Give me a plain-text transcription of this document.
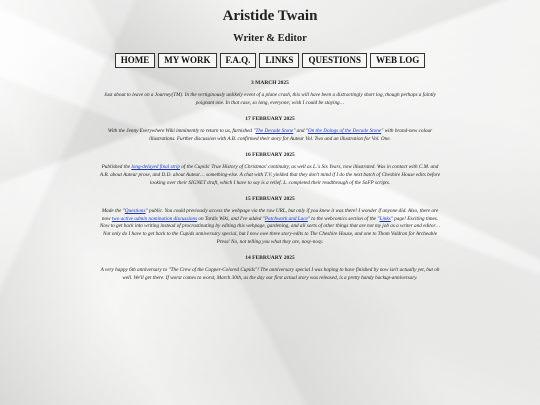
Aristide Twain
Writer & Editor
HOME	MY WORK	F.A.Q.	LINKS	QUESTIONS	WEB LOG
3 MARCH 2025
Just about to leave on a Journey(TM). In the vertiginously unlikely event of a plane crash, this will have been a distractingly short log, though perhaps a faintly poignant one. In that case, so long, everyone; wish I could be staying…
17 FEBRUARY 2025
With the Jenny Everywhere Wiki imminently to return to us, furnished "The Decade Stone" and "On the Doings of the Decade Stone" with brand-new colour illustrations. Further discussion with A.B. confirmed their story for Auteur Vol. Two and an illustration for Vol. One.
16 FEBRUARY 2025
Published the long-delayed final strip of the Cupids' True History of Christmas' continuity, as well as L.'s Six Years, now illustrated. Was in contact with C.M. and A.B. about Auteur prose, and D.D. about Auteur… something-else. A chat with T.V. yielded that they don't mind if I do the next batch of Cheshire House edits before looking over their SIGNET draft, which I have to say is a relief. L. completed their readthrough of the SoFP scripts.
15 FEBRUARY 2025
Made the "Questions" public. You could previously access the webpage via the raw URL, but only if you knew it was there! I wonder if anyone did. Also, there are now two active admin nomination discussions on Tardis Wiki, and I've added "Patchwork and Lace" to the webcomics section of the "Links" page! Exciting times. Now to get back into writing instead of procrastinating by editing this webpage, gardening, and all sorts of other things that are not my job as a writer and editor… Not only do I have to get back to the Cupids anniversary special, but I now owe three story-edits to The Cheshire House, and one to Thom Valdran for Archeable Press! No, not telling you what they are, nosy-nosy.
14 FEBRUARY 2025
A very happy 6th anniversary to "The Crew of the Copper-Colored Cupids"! The anniversary special I was hoping to have finished by now isn't actually yet, but oh well. We'll get there. If worst comes to worst, March 30th, as the day our first actual story was released, is a pretty handy backup-anniversary.
